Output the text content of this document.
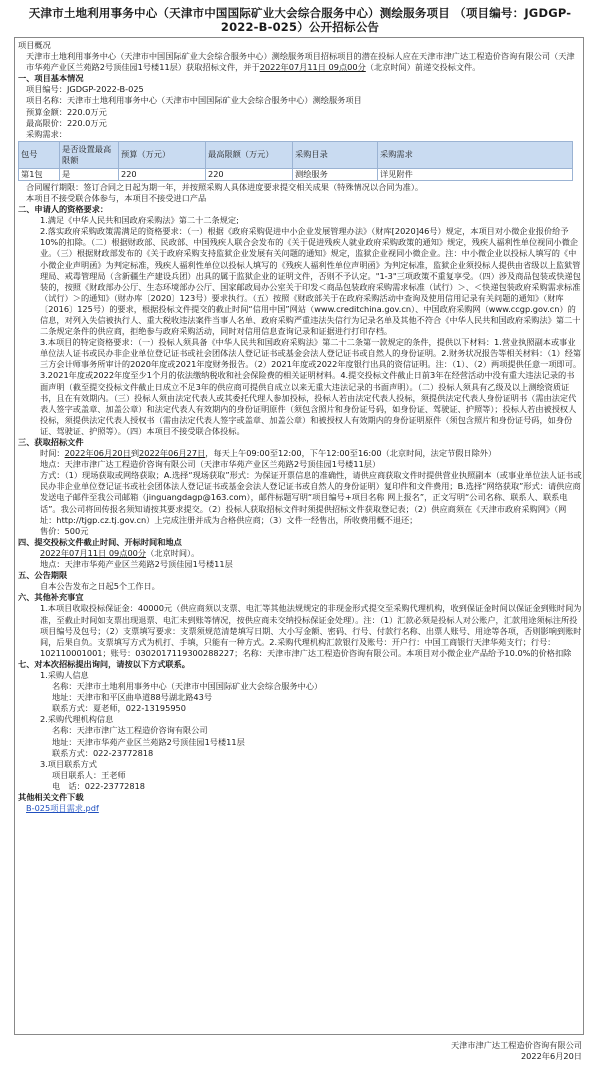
天津市土地利用事务中心（天津市中国国际矿业大会综合服务中心）测绘服务项目 （项目编号：JGDGP-2022-B-025）公开招标公告

项目概况

天津市土地利用事务中心（天津市中国国际矿业大会综合服务中心）测绘服务项目招标项目的潜在投标人应在天津市津广达工程造价咨询有限公司（天津市华苑产业区兰苑路2号顶佳园1号楼11层）获取招标文件，并于2022年07月11日 09点00分（北京时间）前递交投标文件。

一、项目基本情况

项目编号：JGDGP-2022-B-025

项目名称：天津市土地利用事务中心（天津市中国国际矿业大会综合服务中心）测绘服务项目

预算金额：220.0万元

最高限价：220.0万元

采购需求：

包号	是否设置最高限额	预算（万元）	最高限额（万元）	采购目录	采购需求
第1包	是	220	220	测绘服务	详见附件

合同履行期限：签订合同之日起为期一年，并按照采购人具体进度要求提交相关成果（特殊情况以合同为准）。

本项目不接受联合体参与，本项目不接受进口产品

二、申请人的资格要求：

1.满足《中华人民共和国政府采购法》第二十二条规定;

2.落实政府采购政策需满足的资格要求：（一）根据《政府采购促进中小企业发展管理办法》（财库[2020]46号）规定，本项目对小微企业报价给予10%的扣除。（二）根据财政部、民政部、中国残疾人联合会发布的《关于促进残疾人就业政府采购政策的通知》规定，残疾人福利性单位视同小微企业。（三）根据财政部发布的《关于政府采购支持监狱企业发展有关问题的通知》规定，监狱企业视同小微企业。注：中小微企业以投标人填写的《中小微企业声明函》为判定标准，残疾人福利性单位以投标人填写的《残疾人福利性单位声明函》为判定标准，监狱企业须投标人提供由省级以上监狱管理局、戒毒管理局（含新疆生产建设兵团）出具的属于监狱企业的证明文件，否则不予认定。"1-3"三项政策不重复享受。（四）涉及商品包装或快递包装的，按照《财政部办公厅、生态环境部办公厅、国家邮政局办公室关于印发＜商品包装政府采购需求标准（试行）＞、＜快递包装政府采购需求标准（试行）＞的通知》（财办库〔2020〕123号）要求执行。（五）按照《财政部关于在政府采购活动中查询及使用信用记录有关问题的通知》（财库〔2016〕125号）的要求，根据投标文件提交的截止时间“信用中国”网站（www.creditchina.gov.cn）、中国政府采购网（www.ccgp.gov.cn）的信息，对列入失信被执行人、重大税收违法案件当事人名单、政府采购严重违法失信行为记录名单及其他不符合《中华人民共和国政府采购法》第二十二条规定条件的供应商，拒绝参与政府采购活动，同时对信用信息查询记录和证据进行打印存档。

3.本项目的特定资格要求：（一）投标人须具备《中华人民共和国政府采购法》第二十二条第一款规定的条件，提供以下材料：1.营业执照副本或事业单位法人证书或民办非企业单位登记证书或社会团体法人登记证书或基金会法人登记证书或自然人的身份证明。2.财务状况报告等相关材料：（1）经第三方会计师事务所审计的2020年度或2021年度财务报告。（2）2021年度或2022年度银行出具的资信证明。注：（1）、（2）两项提供任意一项即可。3.2021年度或2022年度至少1个月的依法缴纳税收和社会保险费的相关证明材料。4.提交投标文件截止日前3年在经营活动中没有重大违法记录的书面声明（截至提交投标文件截止日成立不足3年的供应商可提供自成立以来无重大违法记录的书面声明）。（二）投标人须具有乙级及以上测绘资质证书，且在有效期内。（三）投标人须由法定代表人或其委托代理人参加投标，投标人若由法定代表人投标，须提供法定代表人身份证明书（需由法定代表人签字或盖章、加盖公章）和法定代表人有效期内的身份证明原件（须包含照片和身份证号码，如身份证、驾驶证、护照等）；投标人若由被授权人投标，须提供法定代表人授权书（需由法定代表人签字或盖章、加盖公章）和被授权人有效期内的身份证明原件（须包含照片和身份证号码，如身份证、驾驶证、护照等）。（四）本项目不接受联合体投标。

三、获取招标文件

时间：2022年06月20日到2022年06月27日，每天上午09:00至12:00，下午12:00至16:00（北京时间，法定节假日除外）

地点：天津市津广达工程造价咨询有限公司（天津市华苑产业区兰苑路2号顶佳园1号楼11层）

方式：（1）现场获取或网络获取；A.选择“现场获取”形式：为保证开票信息的准确性，请供应商获取文件时提供营业执照副本（或事业单位法人证书或民办非企业单位登记证书或社会团体法人登记证书或基金会法人登记证书或自然人的身份证明）复印件和文件费用；B.选择“网络获取”形式：请供应商发送电子邮件至我公司邮箱（jinguangdagp@163.com），邮件标题写明“项目编号+项目名称 网上报名”，正文写明“公司名称、联系人、联系电话”。我公司将回传报名须知请按其要求提交。（2）投标人获取招标文件时须提供招标文件获取登记表；（2）供应商须在《天津市政府采购网》（网址：http://tjgp.cz.tj.gov.cn）上完成注册并成为合格供应商；（3）文件一经售出，所收费用概不退还；

售价：500元

四、提交投标文件截止时间、开标时间和地点

2022年07月11日 09点00分（北京时间）。

地点：天津市华苑产业区兰苑路2号顶佳园1号楼11层

五、公告期限

自本公告发布之日起5个工作日。

六、其他补充事宜

1.本项目收取投标保证金：40000元（供应商须以支票、电汇等其他法规规定的非现金形式提交至采购代理机构，收到保证金时间以保证金到账时间为准，至截止时间如支票出现退票、电汇未到账等情况，按供应商未交纳投标保证金处理）。注：（1）汇款必须是投标人对公账户，汇款用途须标注所投项目编号及包号；（2）支票填写要求：支票须规范清楚填写日期、大小写金额、密码、行号、付款行名称、出票人账号、用途等各项，否则影响到账时间，后果自负。支票填写方式为机打、手填，只能有一种方式。2.采购代理机构汇款银行及账号：开户行：中国工商银行天津华苑支行；行号：102110001001；账号：0302017119300288227；名称：天津市津广达工程造价咨询有限公司。本项目对小微企业产品给予10.0%的价格扣除

七、对本次招标提出询问，请按以下方式联系。

1.采购人信息

名称：天津市土地利用事务中心（天津市中国国际矿业大会综合服务中心）

地址：天津市和平区曲阜道88号湖北路43号

联系方式：夏老师，022-13195950

2.采购代理机构信息

名称：天津市津广达工程造价咨询有限公司

地址：天津市华苑产业区兰苑路2号顶佳园1号楼11层

联系方式：022-23772818

3.项目联系方式

项目联系人：王老师

电　话：022-23772818

其他相关文件下载

B-025项目需求.pdf

天津市津广达工程造价咨询有限公司

2022年6月20日
